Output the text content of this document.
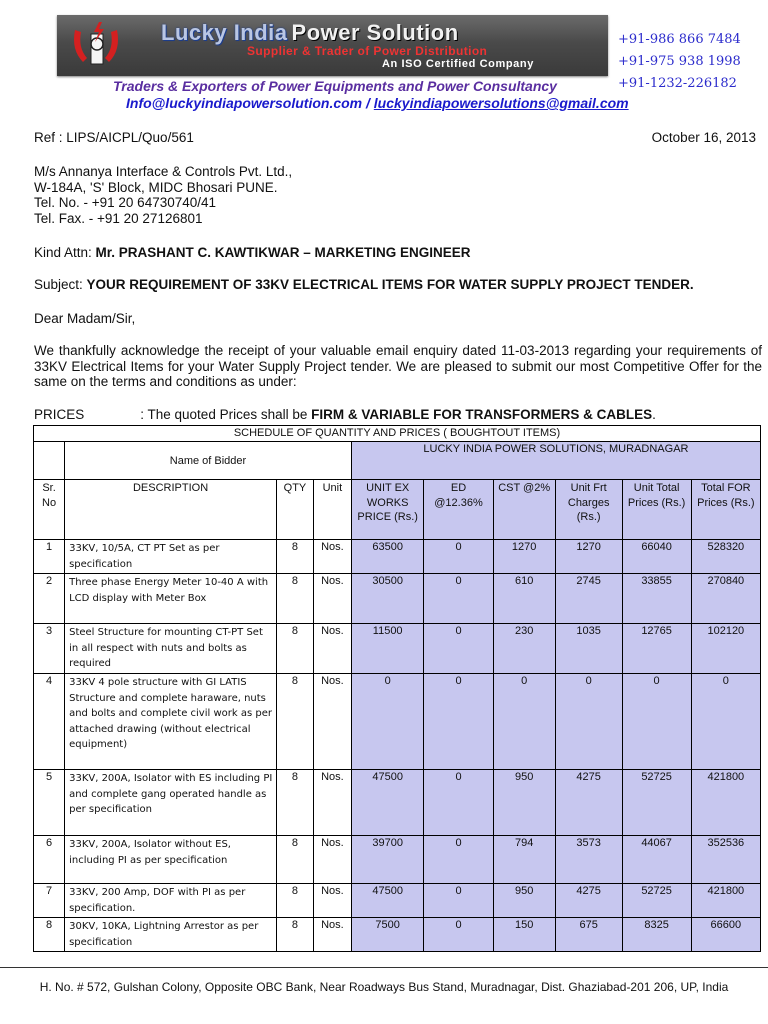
Lucky India Power Solution
Supplier & Trader of Power Distribution
An ISO Certified Company
+91-986 866 7484
+91-975 938 1998
+91-1232-226182
Traders & Exporters of Power Equipments and Power Consultancy
Info@luckyindiapowersolution.com / luckyindiapowersolutions@gmail.com
Ref : LIPS/AICPL/Quo/561	October 16, 2013
M/s Annanya Interface & Controls Pvt. Ltd.,
W-184A, 'S' Block, MIDC Bhosari PUNE.
Tel. No. - +91 20 64730740/41
Tel. Fax. - +91 20 27126801
Kind Attn: Mr. PRASHANT C. KAWTIKWAR – MARKETING ENGINEER
Subject: YOUR REQUIREMENT OF 33KV ELECTRICAL ITEMS FOR WATER SUPPLY PROJECT TENDER.
Dear Madam/Sir,
We thankfully acknowledge the receipt of your valuable email enquiry dated 11-03-2013 regarding your requirements of 33KV Electrical Items for your Water Supply Project tender. We are pleased to submit our most Competitive Offer for the same on the terms and conditions as under:
PRICES	: The quoted Prices shall be FIRM & VARIABLE FOR TRANSFORMERS & CABLES.
SCHEDULE OF QUANTITY AND PRICES ( BOUGHTOUT ITEMS)									
	Name of Bidder			LUCKY INDIA POWER SOLUTIONS, MURADNAGAR					
Sr. No	DESCRIPTION	QTY	Unit	UNIT EX WORKS PRICE (Rs.)	ED @12.36%	CST @2%	Unit Frt Charges (Rs.)	Unit Total Prices (Rs.)	Total FOR Prices (Rs.)
1	33KV, 10/5A, CT PT Set as per specification	8	Nos.	63500	0	1270	1270	66040	528320
2	Three phase Energy Meter 10-40 A with LCD display with Meter Box	8	Nos.	30500	0	610	2745	33855	270840
3	Steel Structure for mounting CT-PT Set in all respect with nuts and bolts as required	8	Nos.	11500	0	230	1035	12765	102120
4	33KV 4 pole structure with GI LATIS Structure and complete haraware, nuts and bolts and complete civil work as per attached drawing (without electrical equipment)	8	Nos.	0	0	0	0	0	0
5	33KV, 200A, Isolator with ES including PI and complete gang operated handle as per specification	8	Nos.	47500	0	950	4275	52725	421800
6	33KV, 200A, Isolator without ES, including PI as per specification	8	Nos.	39700	0	794	3573	44067	352536
7	33KV, 200 Amp, DOF with PI as per specification.	8	Nos.	47500	0	950	4275	52725	421800
8	30KV, 10KA, Lightning Arrestor as per specification	8	Nos.	7500	0	150	675	8325	66600
H. No. # 572, Gulshan Colony, Opposite OBC Bank, Near Roadways Bus Stand, Muradnagar, Dist. Ghaziabad-201 206, UP, India
